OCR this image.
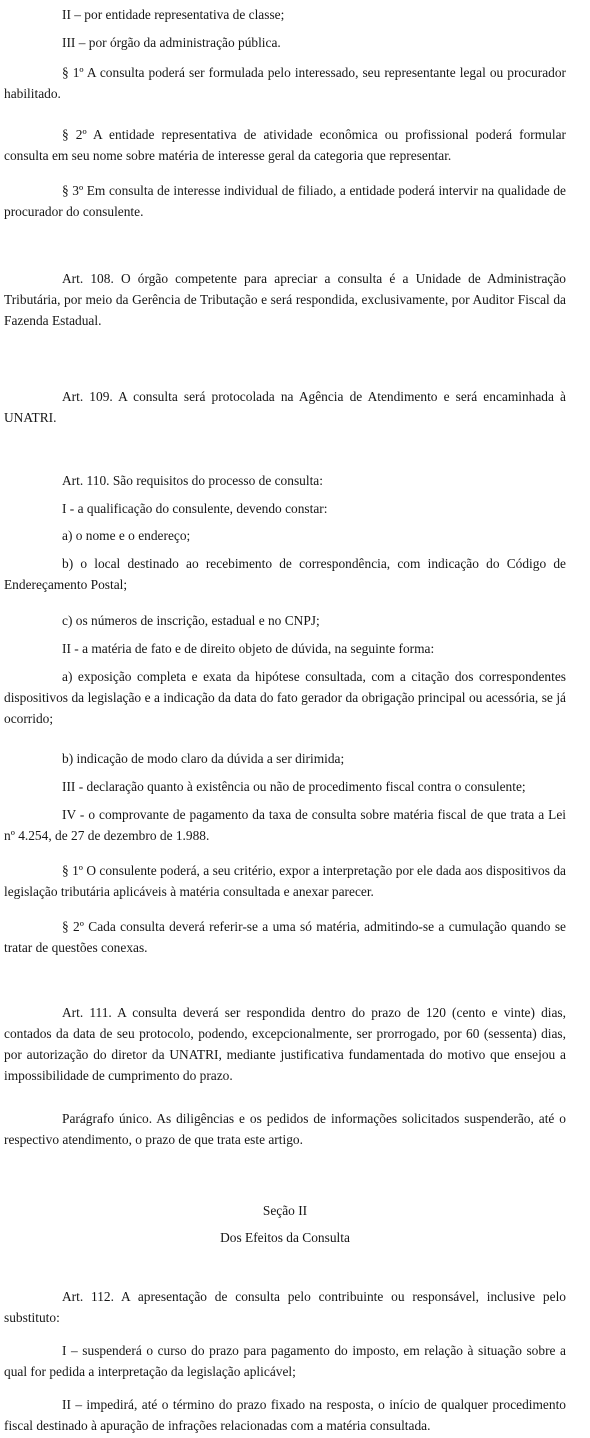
II – por entidade representativa de classe;

III – por órgão da administração pública.

§ 1º A consulta poderá ser formulada pelo interessado, seu representante legal ou procurador habilitado.

§ 2º A entidade representativa de atividade econômica ou profissional poderá formular consulta em seu nome sobre matéria de interesse geral da categoria que representar.

§ 3º Em consulta de interesse individual de filiado, a entidade poderá intervir na qualidade de procurador do consulente.

Art. 108. O órgão competente para apreciar a consulta é a Unidade de Administração Tributária, por meio da Gerência de Tributação e será respondida, exclusivamente, por Auditor Fiscal da Fazenda Estadual.

Art. 109. A consulta será protocolada na Agência de Atendimento e será encaminhada à UNATRI.

Art. 110. São requisitos do processo de consulta:

I - a qualificação do consulente, devendo constar:

a) o nome e o endereço;

b) o local destinado ao recebimento de correspondência, com indicação do Código de Endereçamento Postal;

c) os números de inscrição, estadual e no CNPJ;

II - a matéria de fato e de direito objeto de dúvida, na seguinte forma:

a) exposição completa e exata da hipótese consultada, com a citação dos correspondentes dispositivos da legislação e a indicação da data do fato gerador da obrigação principal ou acessória, se já ocorrido;

b) indicação de modo claro da dúvida a ser dirimida;

III - declaração quanto à existência ou não de procedimento fiscal contra o consulente;

IV - o comprovante de pagamento da taxa de consulta sobre matéria fiscal de que trata a Lei nº 4.254, de 27 de dezembro de 1.988.

§ 1º O consulente poderá, a seu critério, expor a interpretação por ele dada aos dispositivos da legislação tributária aplicáveis à matéria consultada e anexar parecer.

§ 2º Cada consulta deverá referir-se a uma só matéria, admitindo-se a cumulação quando se tratar de questões conexas.

Art. 111. A consulta deverá ser respondida dentro do prazo de 120 (cento e vinte) dias, contados da data de seu protocolo, podendo, excepcionalmente, ser prorrogado, por 60 (sessenta) dias, por autorização do diretor da UNATRI, mediante justificativa fundamentada do motivo que ensejou a impossibilidade de cumprimento do prazo.

Parágrafo único. As diligências e os pedidos de informações solicitados suspenderão, até o respectivo atendimento, o prazo de que trata este artigo.

Seção II
Dos Efeitos da Consulta

Art. 112. A apresentação de consulta pelo contribuinte ou responsável, inclusive pelo substituto:

I – suspenderá o curso do prazo para pagamento do imposto, em relação à situação sobre a qual for pedida a interpretação da legislação aplicável;

II – impedirá, até o término do prazo fixado na resposta, o início de qualquer procedimento fiscal destinado à apuração de infrações relacionadas com a matéria consultada.
